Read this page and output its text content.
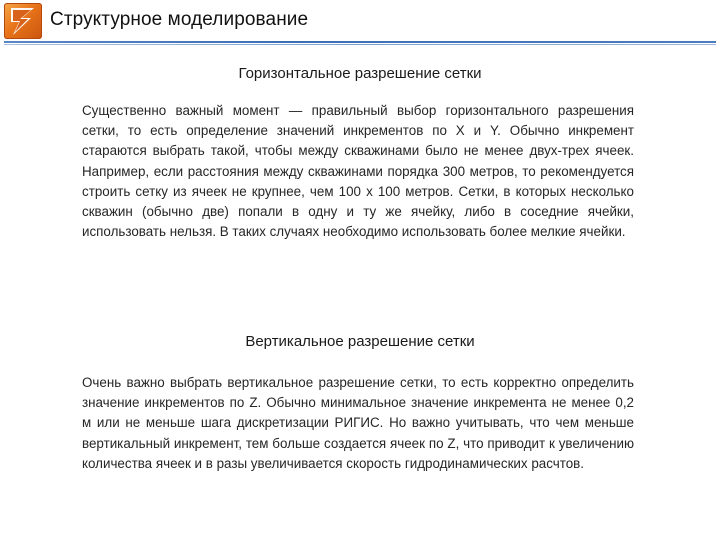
Структурное моделирование
Горизонтальное разрешение сетки

Существенно важный момент — правильный выбор горизонтального разрешения сетки, то есть определение значений инкрементов по X и Y. Обычно инкремент стараются выбрать такой, чтобы между скважинами было не менее двух-трех ячеек. Например, если расстояния между скважинами порядка 300 метров, то рекомендуется строить сетку из ячеек не крупнее, чем 100 x 100 метров. Сетки, в которых несколько скважин (обычно две) попали в одну и ту же ячейку, либо в соседние ячейки, использовать нельзя. В таких случаях необходимо использовать более мелкие ячейки.

Вертикальное разрешение сетки

Очень важно выбрать вертикальное разрешение сетки, то есть корректно определить значение инкрементов по Z. Обычно минимальное значение инкремента не менее 0,2 м или не меньше шага дискретизации РИГИС. Но важно учитывать, что чем меньше вертикальный инкремент, тем больше создается ячеек по Z, что приводит к увеличению количества ячеек и в разы увеличивается скорость гидродинамических расчтов.
